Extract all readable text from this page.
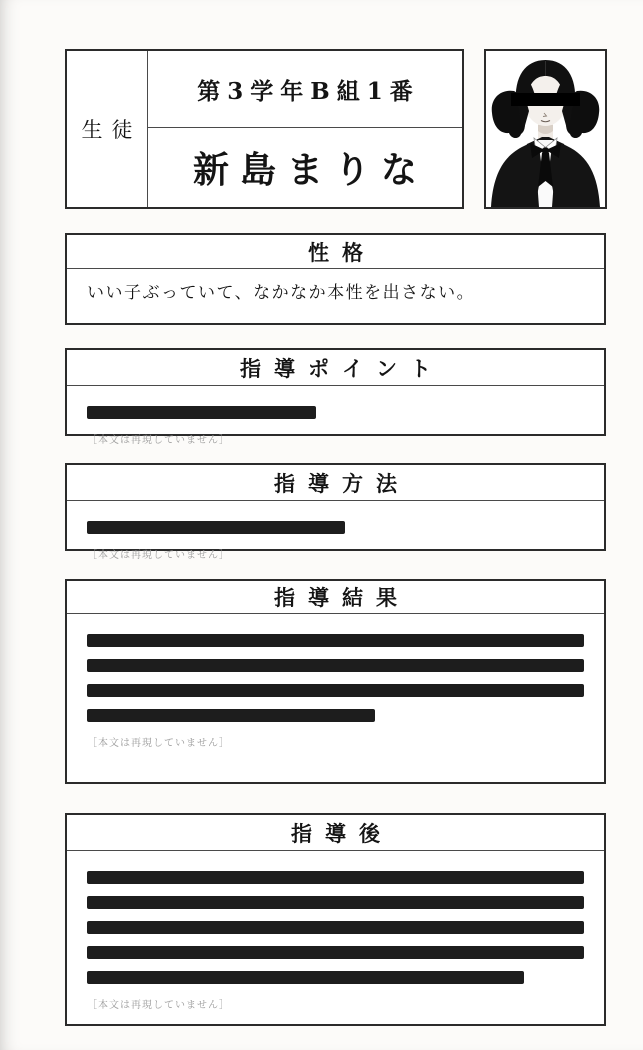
生徒
第3学年B組1番
新島まりな
性格
いい子ぶっていて、なかなか本性を出さない。
指導ポイント
［本文は再現していません］
指導方法
［本文は再現していません］
指導結果
［本文は再現していません］
指導後
［本文は再現していません］
